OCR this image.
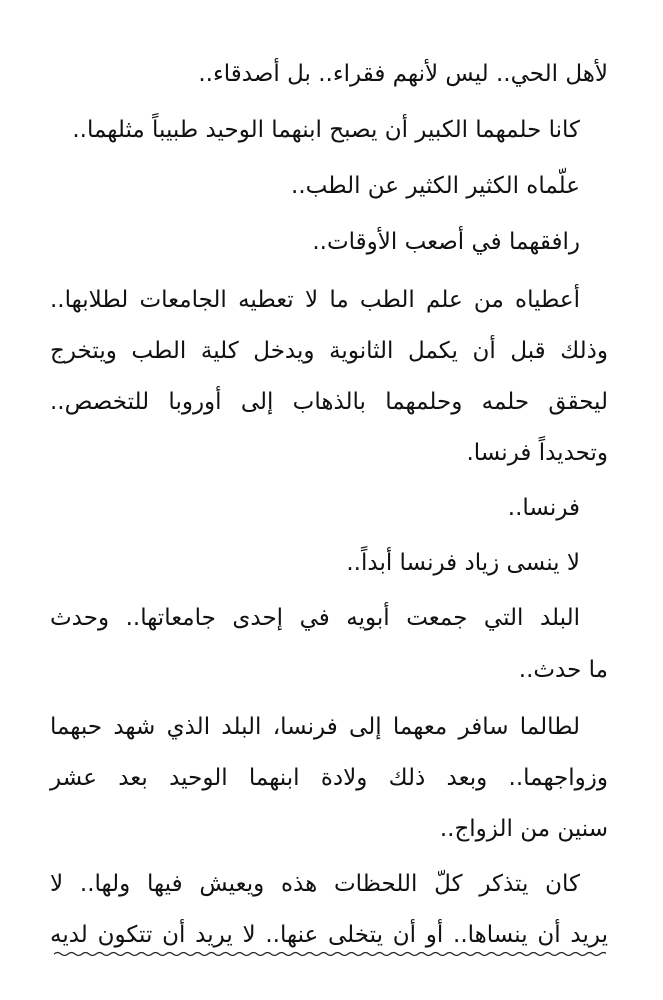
لأهل الحي.. ليس لأنهم فقراء.. بل أصدقاء..
كانا حلمهما الكبير أن يصبح ابنهما الوحيد طبيباً مثلهما..
علّماه الكثير الكثير عن الطب..
رافقهما في أصعب الأوقات..
أعطياه من علم الطب ما لا تعطيه الجامعات لطلابها..
وذلك قبل أن يكمل الثانوية ويدخل كلية الطب ويتخرج
ليحقق حلمه وحلمهما بالذهاب إلى أوروبا للتخصص..
وتحديداً فرنسا.
فرنسا..
لا ينسى زياد فرنسا أبداً..
البلد التي جمعت أبويه في إحدى جامعاتها.. وحدث
ما حدث..
لطالما سافر معهما إلى فرنسا، البلد الذي شهد حبهما
وزواجهما.. وبعد ذلك ولادة ابنهما الوحيد بعد عشر
سنين من الزواج..
كان يتذكر كلّ اللحظات هذه ويعيش فيها ولها.. لا
يريد أن ينساها.. أو أن يتخلى عنها.. لا يريد أن تتكون لديه
